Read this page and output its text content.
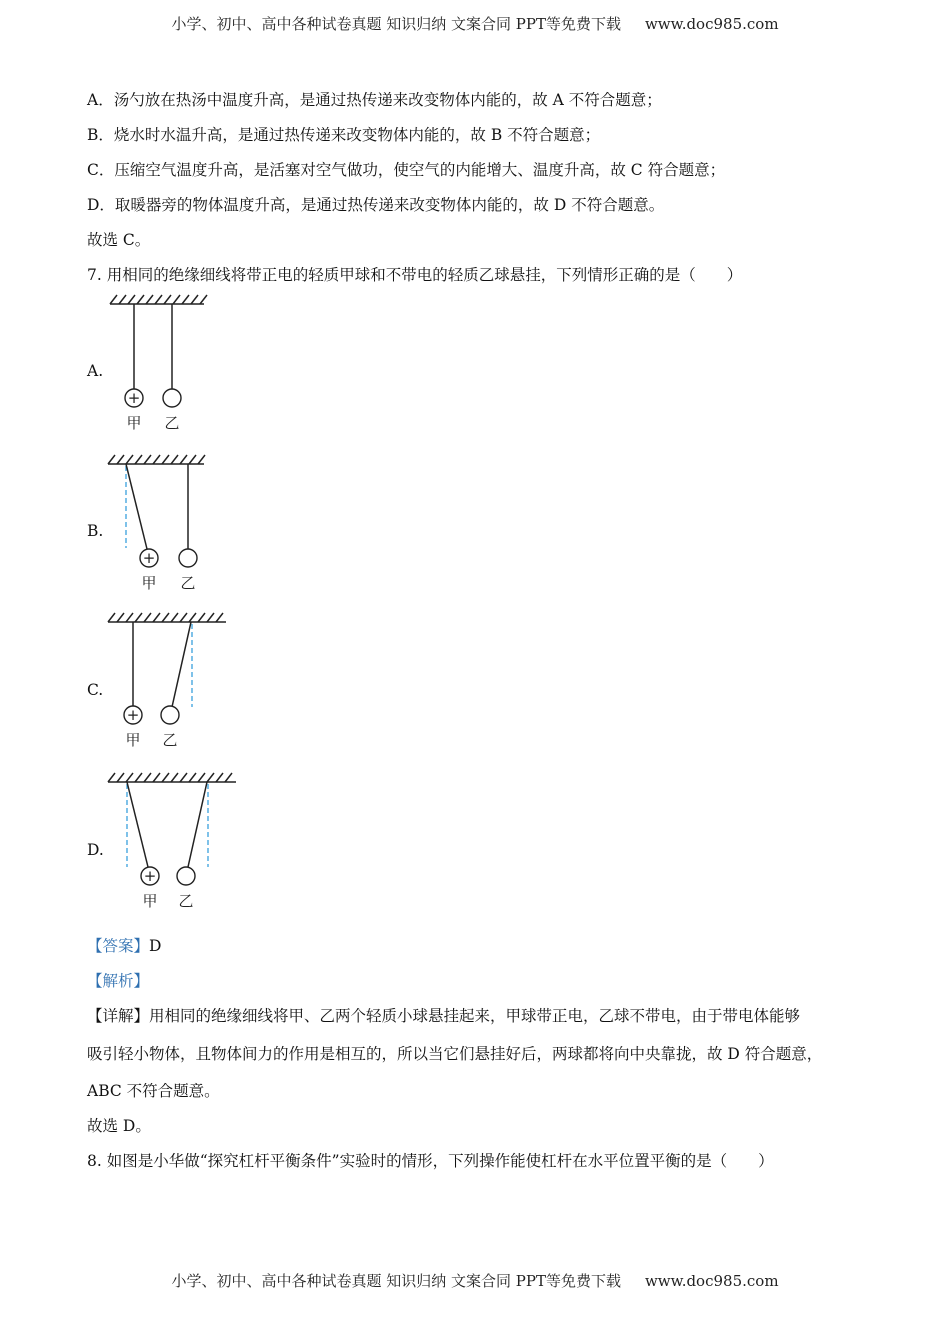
小学、初中、高中各种试卷真题 知识归纳 文案合同 PPT等免费下载 www.doc985.com
A．汤勺放在热汤中温度升高，是通过热传递来改变物体内能的，故 A 不符合题意；
B．烧水时水温升高，是通过热传递来改变物体内能的，故 B 不符合题意；
C．压缩空气温度升高，是活塞对空气做功，使空气的内能增大、温度升高，故 C 符合题意；
D．取暖器旁的物体温度升高，是通过热传递来改变物体内能的，故 D 不符合题意。
故选 C。
7. 用相同的绝缘细线将带正电的轻质甲球和不带电的轻质乙球悬挂，下列情形正确的是（　　）
A.
+
甲 乙
B.
+
甲 乙
C.
+
甲 乙
D.
+
甲 乙
【答案】D
【解析】
【详解】用相同的绝缘细线将甲、乙两个轻质小球悬挂起来，甲球带正电，乙球不带电，由于带电体能够
吸引轻小物体，且物体间力的作用是相互的，所以当它们悬挂好后，两球都将向中央靠拢，故 D 符合题意，
ABC 不符合题意。
故选 D。
8. 如图是小华做“探究杠杆平衡条件”实验时的情形，下列操作能使杠杆在水平位置平衡的是（　　）
小学、初中、高中各种试卷真题 知识归纳 文案合同 PPT等免费下载 www.doc985.com
